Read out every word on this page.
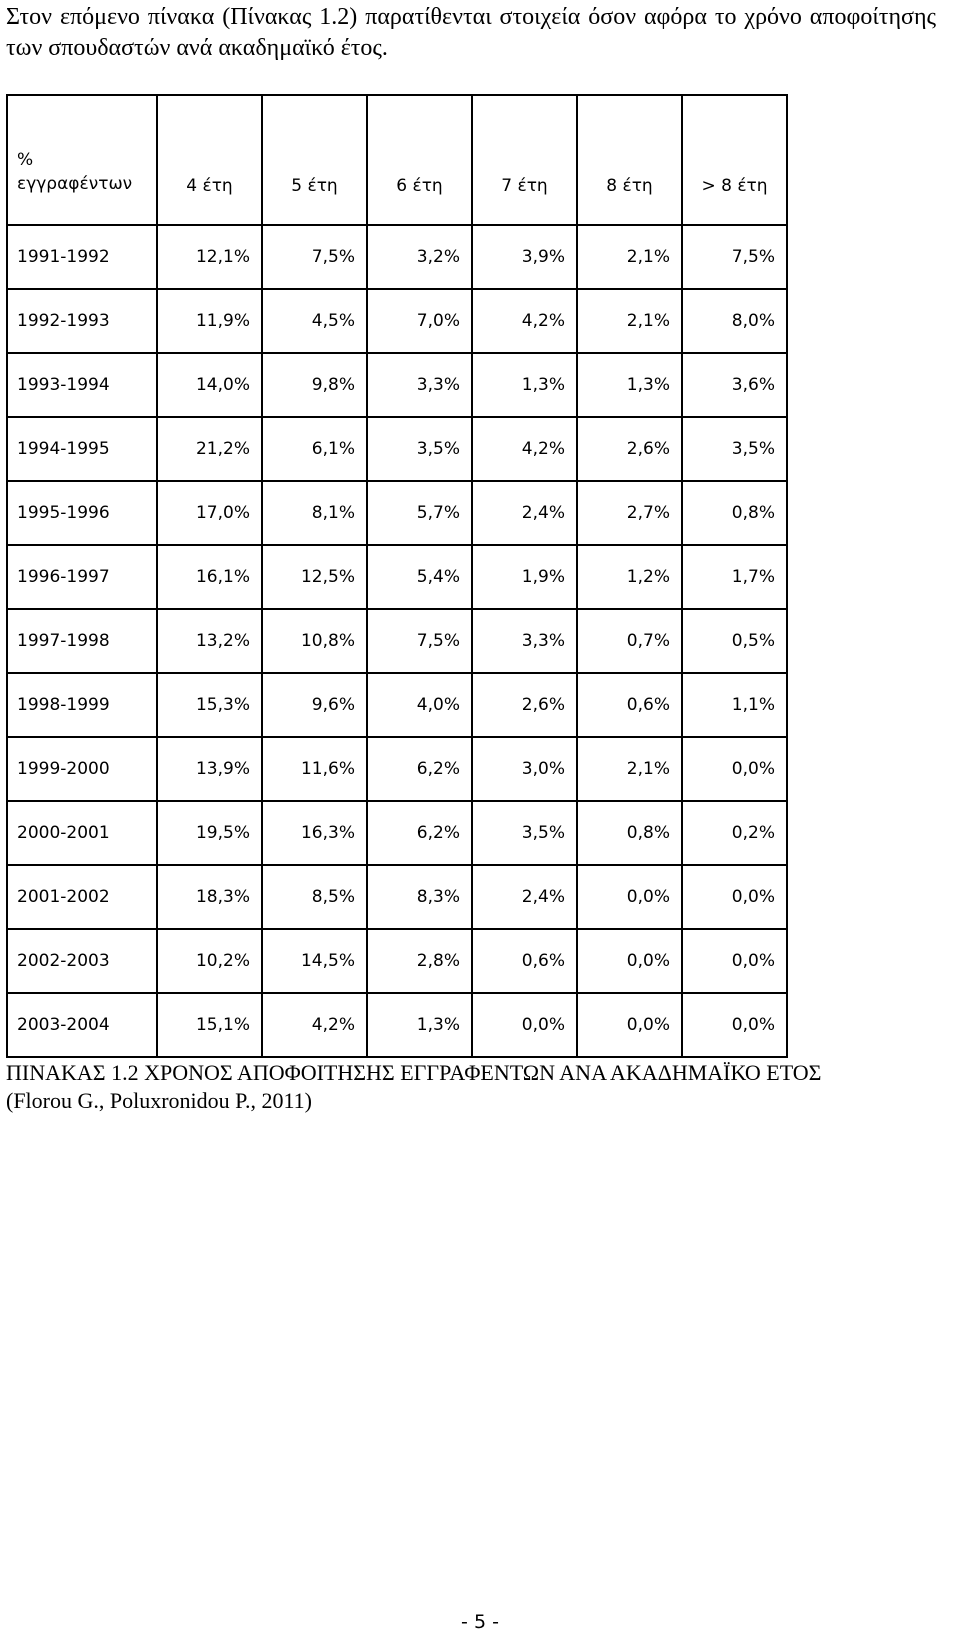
Στον επόμενο πίνακα (Πίνακας 1.2) παρατίθενται στοιχεία όσον αφόρα το χρόνο αποφοίτησης των σπουδαστών ανά ακαδημαϊκό έτος.

%
εγγραφέντων	4 έτη	5 έτη	6 έτη	7 έτη	8 έτη	> 8 έτη
1991-1992	12,1%	7,5%	3,2%	3,9%	2,1%	7,5%
1992-1993	11,9%	4,5%	7,0%	4,2%	2,1%	8,0%
1993-1994	14,0%	9,8%	3,3%	1,3%	1,3%	3,6%
1994-1995	21,2%	6,1%	3,5%	4,2%	2,6%	3,5%
1995-1996	17,0%	8,1%	5,7%	2,4%	2,7%	0,8%
1996-1997	16,1%	12,5%	5,4%	1,9%	1,2%	1,7%
1997-1998	13,2%	10,8%	7,5%	3,3%	0,7%	0,5%
1998-1999	15,3%	9,6%	4,0%	2,6%	0,6%	1,1%
1999-2000	13,9%	11,6%	6,2%	3,0%	2,1%	0,0%
2000-2001	19,5%	16,3%	6,2%	3,5%	0,8%	0,2%
2001-2002	18,3%	8,5%	8,3%	2,4%	0,0%	0,0%
2002-2003	10,2%	14,5%	2,8%	0,6%	0,0%	0,0%
2003-2004	15,1%	4,2%	1,3%	0,0%	0,0%	0,0%
ΠΙΝΑΚΑΣ 1.2 ΧΡΟΝΟΣ ΑΠΟΦΟΙΤΗΣΗΣ ΕΓΓΡΑΦΕΝΤΩΝ ΑΝΑ ΑΚΑΔΗΜΑΪΚΟ ΕΤΟΣ
(Florou G., Poluxronidou P., 2011)
- 5 -
